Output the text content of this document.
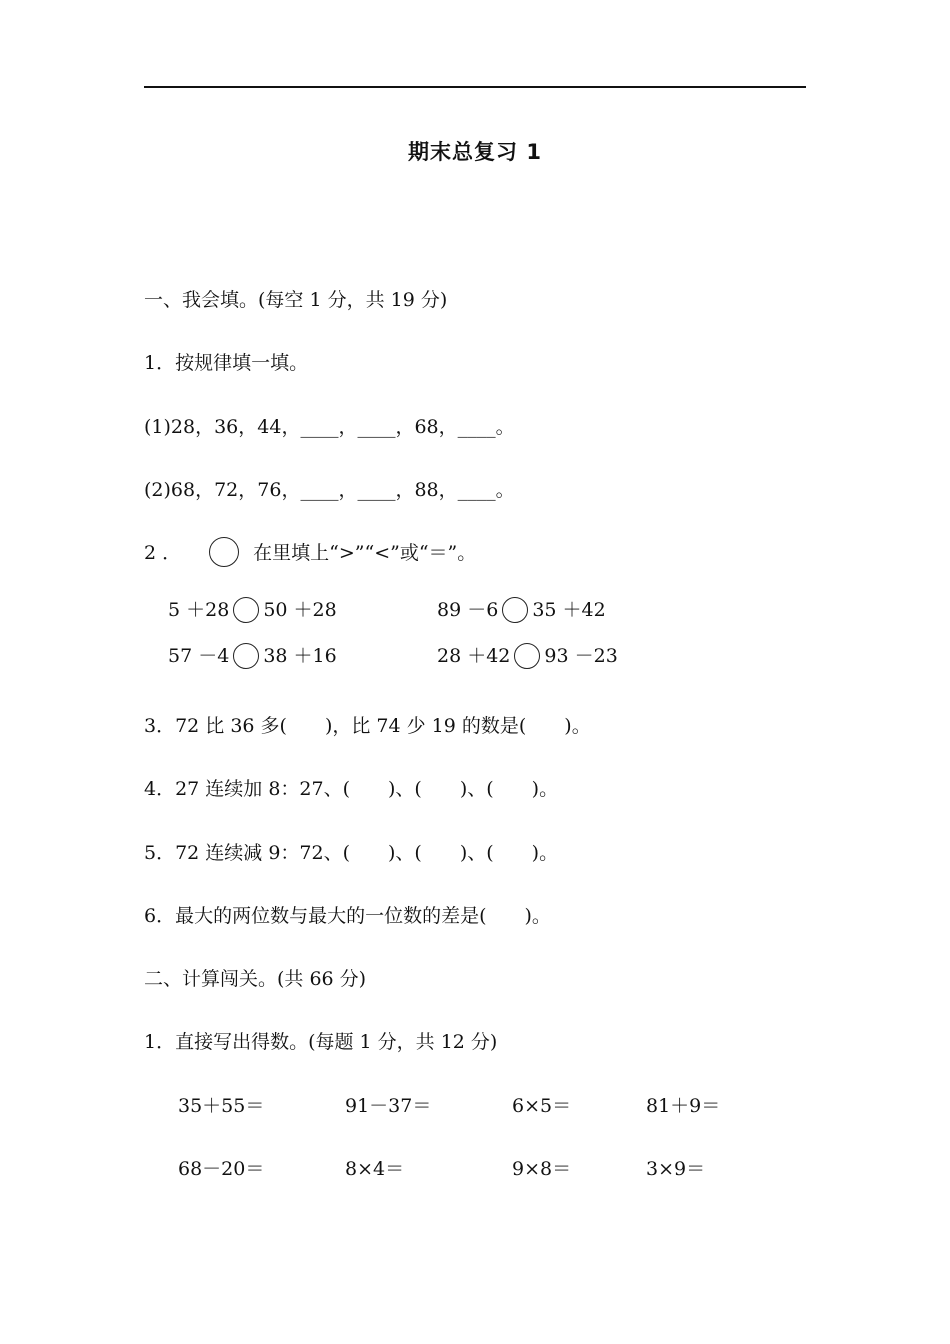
期末总复习 1
一、我会填。(每空 1 分，共 19 分)
1．按规律填一填。
(1)28，36，44，____，____，68，____。
(2)68，72，76，____，____，88，____。
2 ．	在里填上“>”“<”或“＝”。
5 ＋28 50 ＋28	89 －6 35 ＋42
57 －4 38 ＋16	28 ＋42 93 －23
3．72 比 36 多(　　)，比 74 少 19 的数是(　　)。
4．27 连续加 8：27、(　　)、(　　)、(　　)。
5．72 连续减 9：72、(　　)、(　　)、(　　)。
6．最大的两位数与最大的一位数的差是(　　)。
二、计算闯关。(共 66 分)
1．直接写出得数。(每题 1 分，共 12 分)
35＋55＝	91－37＝	6×5＝	81＋9＝
68－20＝	8×4＝	9×8＝	3×9＝
